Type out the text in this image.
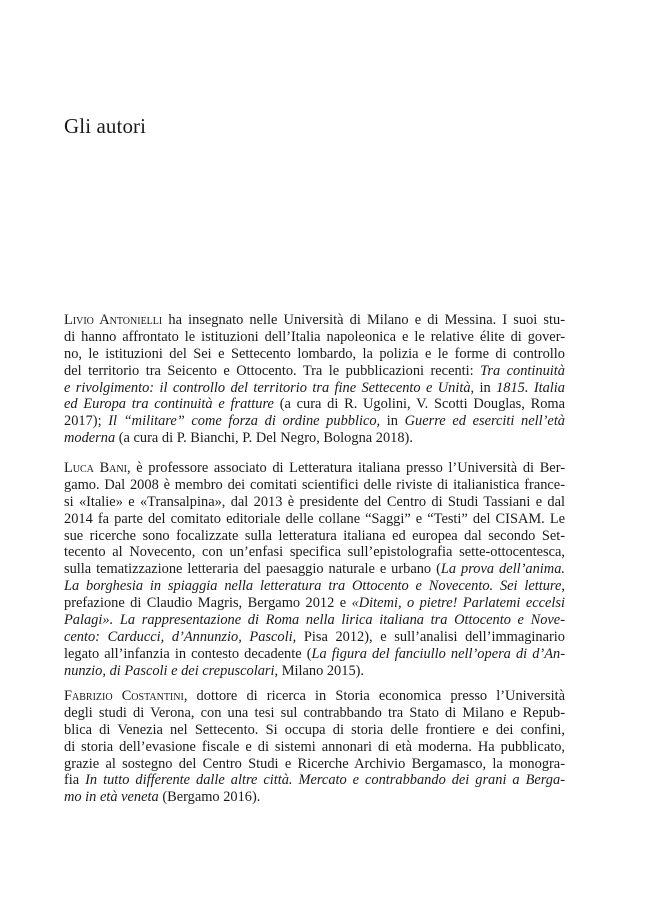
Gli autori
Livio Antonielli ha insegnato nelle Università di Milano e di Messina. I suoi stu-
di hanno affrontato le istituzioni dell’Italia napoleonica e le relative élite di gover-
no, le istituzioni del Sei e Settecento lombardo, la polizia e le forme di controllo
del territorio tra Seicento e Ottocento. Tra le pubblicazioni recenti: Tra continuità
e rivolgimento: il controllo del territorio tra fine Settecento e Unità, in 1815. Italia
ed Europa tra continuità e fratture (a cura di R. Ugolini, V. Scotti Douglas, Roma
2017); Il “militare” come forza di ordine pubblico, in Guerre ed eserciti nell’età
moderna (a cura di P. Bianchi, P. Del Negro, Bologna 2018).
Luca Bani, è professore associato di Letteratura italiana presso l’Università di Ber-
gamo. Dal 2008 è membro dei comitati scientifici delle riviste di italianistica france-
si «Italie» e «Transalpina», dal 2013 è presidente del Centro di Studi Tassiani e dal
2014 fa parte del comitato editoriale delle collane “Saggi” e “Testi” del CISAM. Le
sue ricerche sono focalizzate sulla letteratura italiana ed europea dal secondo Set-
tecento al Novecento, con un’enfasi specifica sull’epistolografia sette-ottocentesca,
sulla tematizzazione letteraria del paesaggio naturale e urbano (La prova dell’anima.
La borghesia in spiaggia nella letteratura tra Ottocento e Novecento. Sei letture,
prefazione di Claudio Magris, Bergamo 2012 e «Ditemi, o pietre! Parlatemi eccelsi
Palagi». La rappresentazione di Roma nella lirica italiana tra Ottocento e Nove-
cento: Carducci, d’Annunzio, Pascoli, Pisa 2012), e sull’analisi dell’immaginario
legato all’infanzia in contesto decadente (La figura del fanciullo nell’opera di d’An-
nunzio, di Pascoli e dei crepuscolari, Milano 2015).
Fabrizio Costantini, dottore di ricerca in Storia economica presso l’Università
degli studi di Verona, con una tesi sul contrabbando tra Stato di Milano e Repub-
blica di Venezia nel Settecento. Si occupa di storia delle frontiere e dei confini,
di storia dell’evasione fiscale e di sistemi annonari di età moderna. Ha pubblicato,
grazie al sostegno del Centro Studi e Ricerche Archivio Bergamasco, la monogra-
fia In tutto differente dalle altre città. Mercato e contrabbando dei grani a Berga-
mo in età veneta (Bergamo 2016).
